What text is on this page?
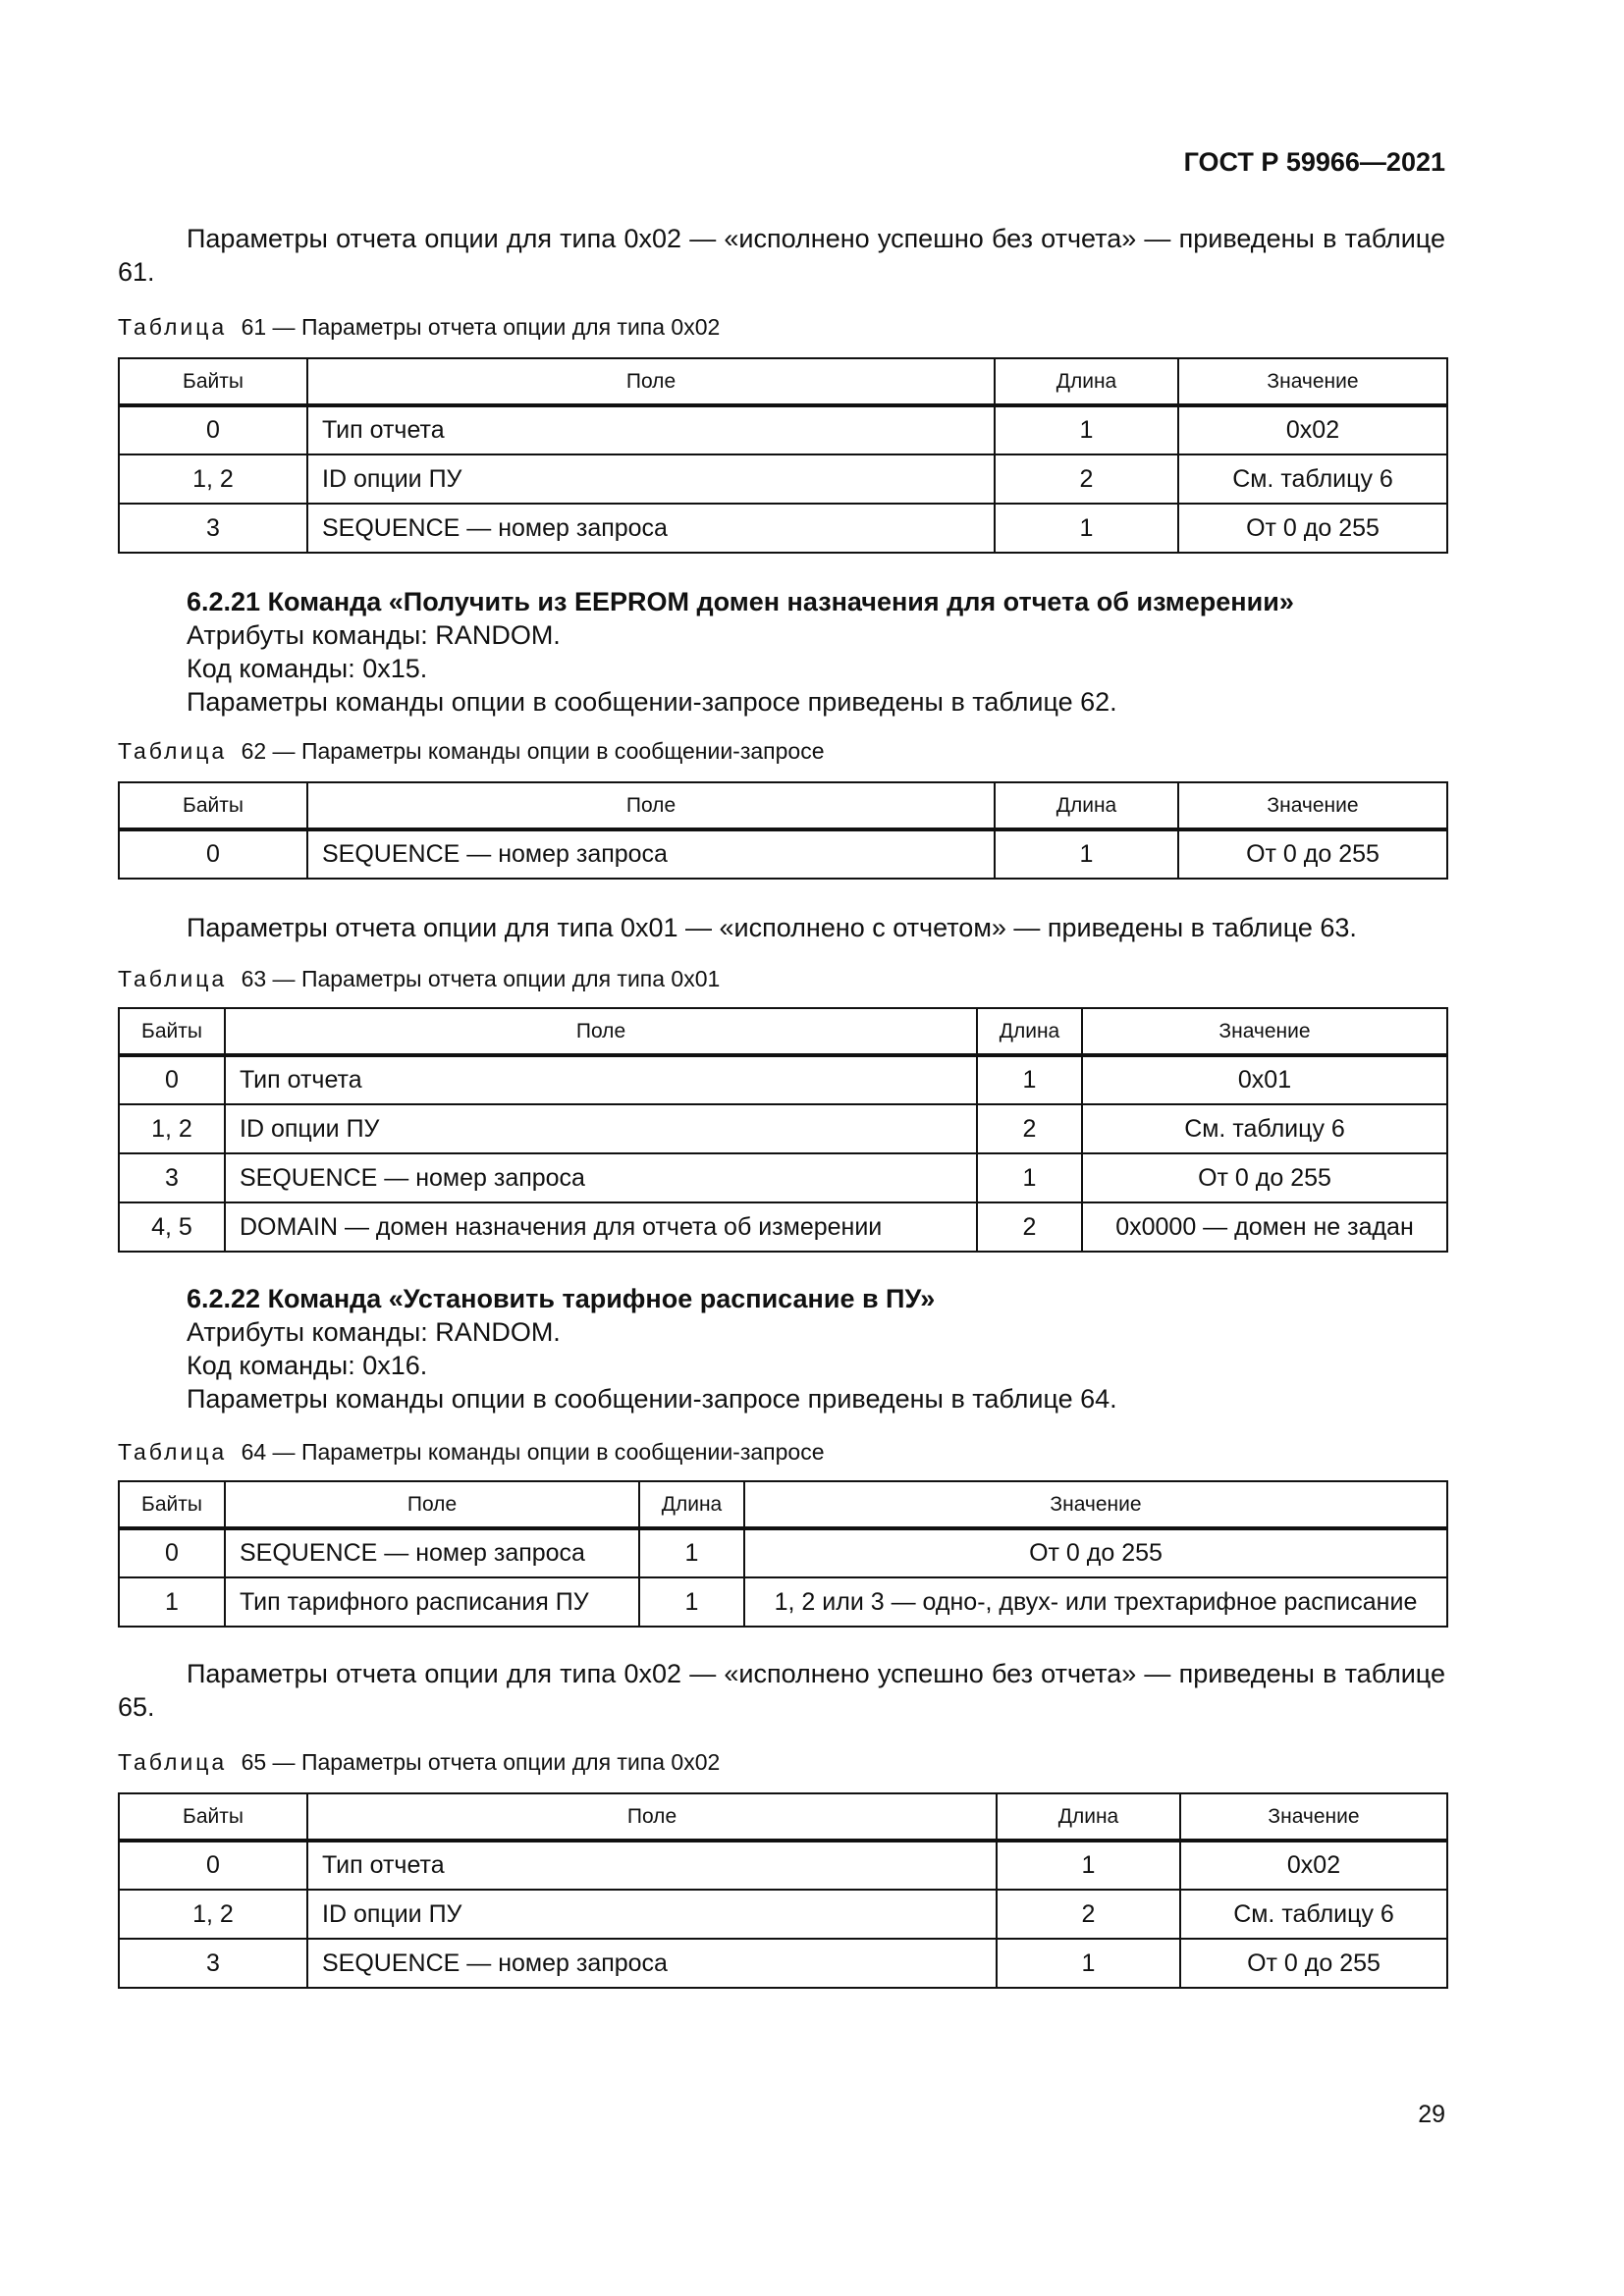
ГОСТ Р 59966—2021
Параметры отчета опции для типа 0x02 — «исполнено успешно без отчета» — приведены в таблице 61.
Таблица 61 — Параметры отчета опции для типа 0x02
Байты	Поле	Длина	Значение
0	Тип отчета	1	0x02
1, 2	ID опции ПУ	2	См. таблицу 6
3	SEQUENCE — номер запроса	1	От 0 до 255
6.2.21 Команда «Получить из EEPROM домен назначения для отчета об измерении»
Атрибуты команды: RANDOM.
Код команды: 0x15.
Параметры команды опции в сообщении-запросе приведены в таблице 62.
Таблица 62 — Параметры команды опции в сообщении-запросе
Байты	Поле	Длина	Значение
0	SEQUENCE — номер запроса	1	От 0 до 255
Параметры отчета опции для типа 0x01 — «исполнено с отчетом» — приведены в таблице 63.
Таблица 63 — Параметры отчета опции для типа 0x01
Байты	Поле	Длина	Значение
0	Тип отчета	1	0x01
1, 2	ID опции ПУ	2	См. таблицу 6
3	SEQUENCE — номер запроса	1	От 0 до 255
4, 5	DOMAIN — домен назначения для отчета об измерении	2	0x0000 — домен не задан
6.2.22 Команда «Установить тарифное расписание в ПУ»
Атрибуты команды: RANDOM.
Код команды: 0x16.
Параметры команды опции в сообщении-запросе приведены в таблице 64.
Таблица 64 — Параметры команды опции в сообщении-запросе
Байты	Поле	Длина	Значение
0	SEQUENCE — номер запроса	1	От 0 до 255
1	Тип тарифного расписания ПУ	1	1, 2 или 3 — одно-, двух- или трехтарифное расписание
Параметры отчета опции для типа 0x02 — «исполнено успешно без отчета» — приведены в таблице 65.
Таблица 65 — Параметры отчета опции для типа 0x02
Байты	Поле	Длина	Значение
0	Тип отчета	1	0x02
1, 2	ID опции ПУ	2	См. таблицу 6
3	SEQUENCE — номер запроса	1	От 0 до 255
29
